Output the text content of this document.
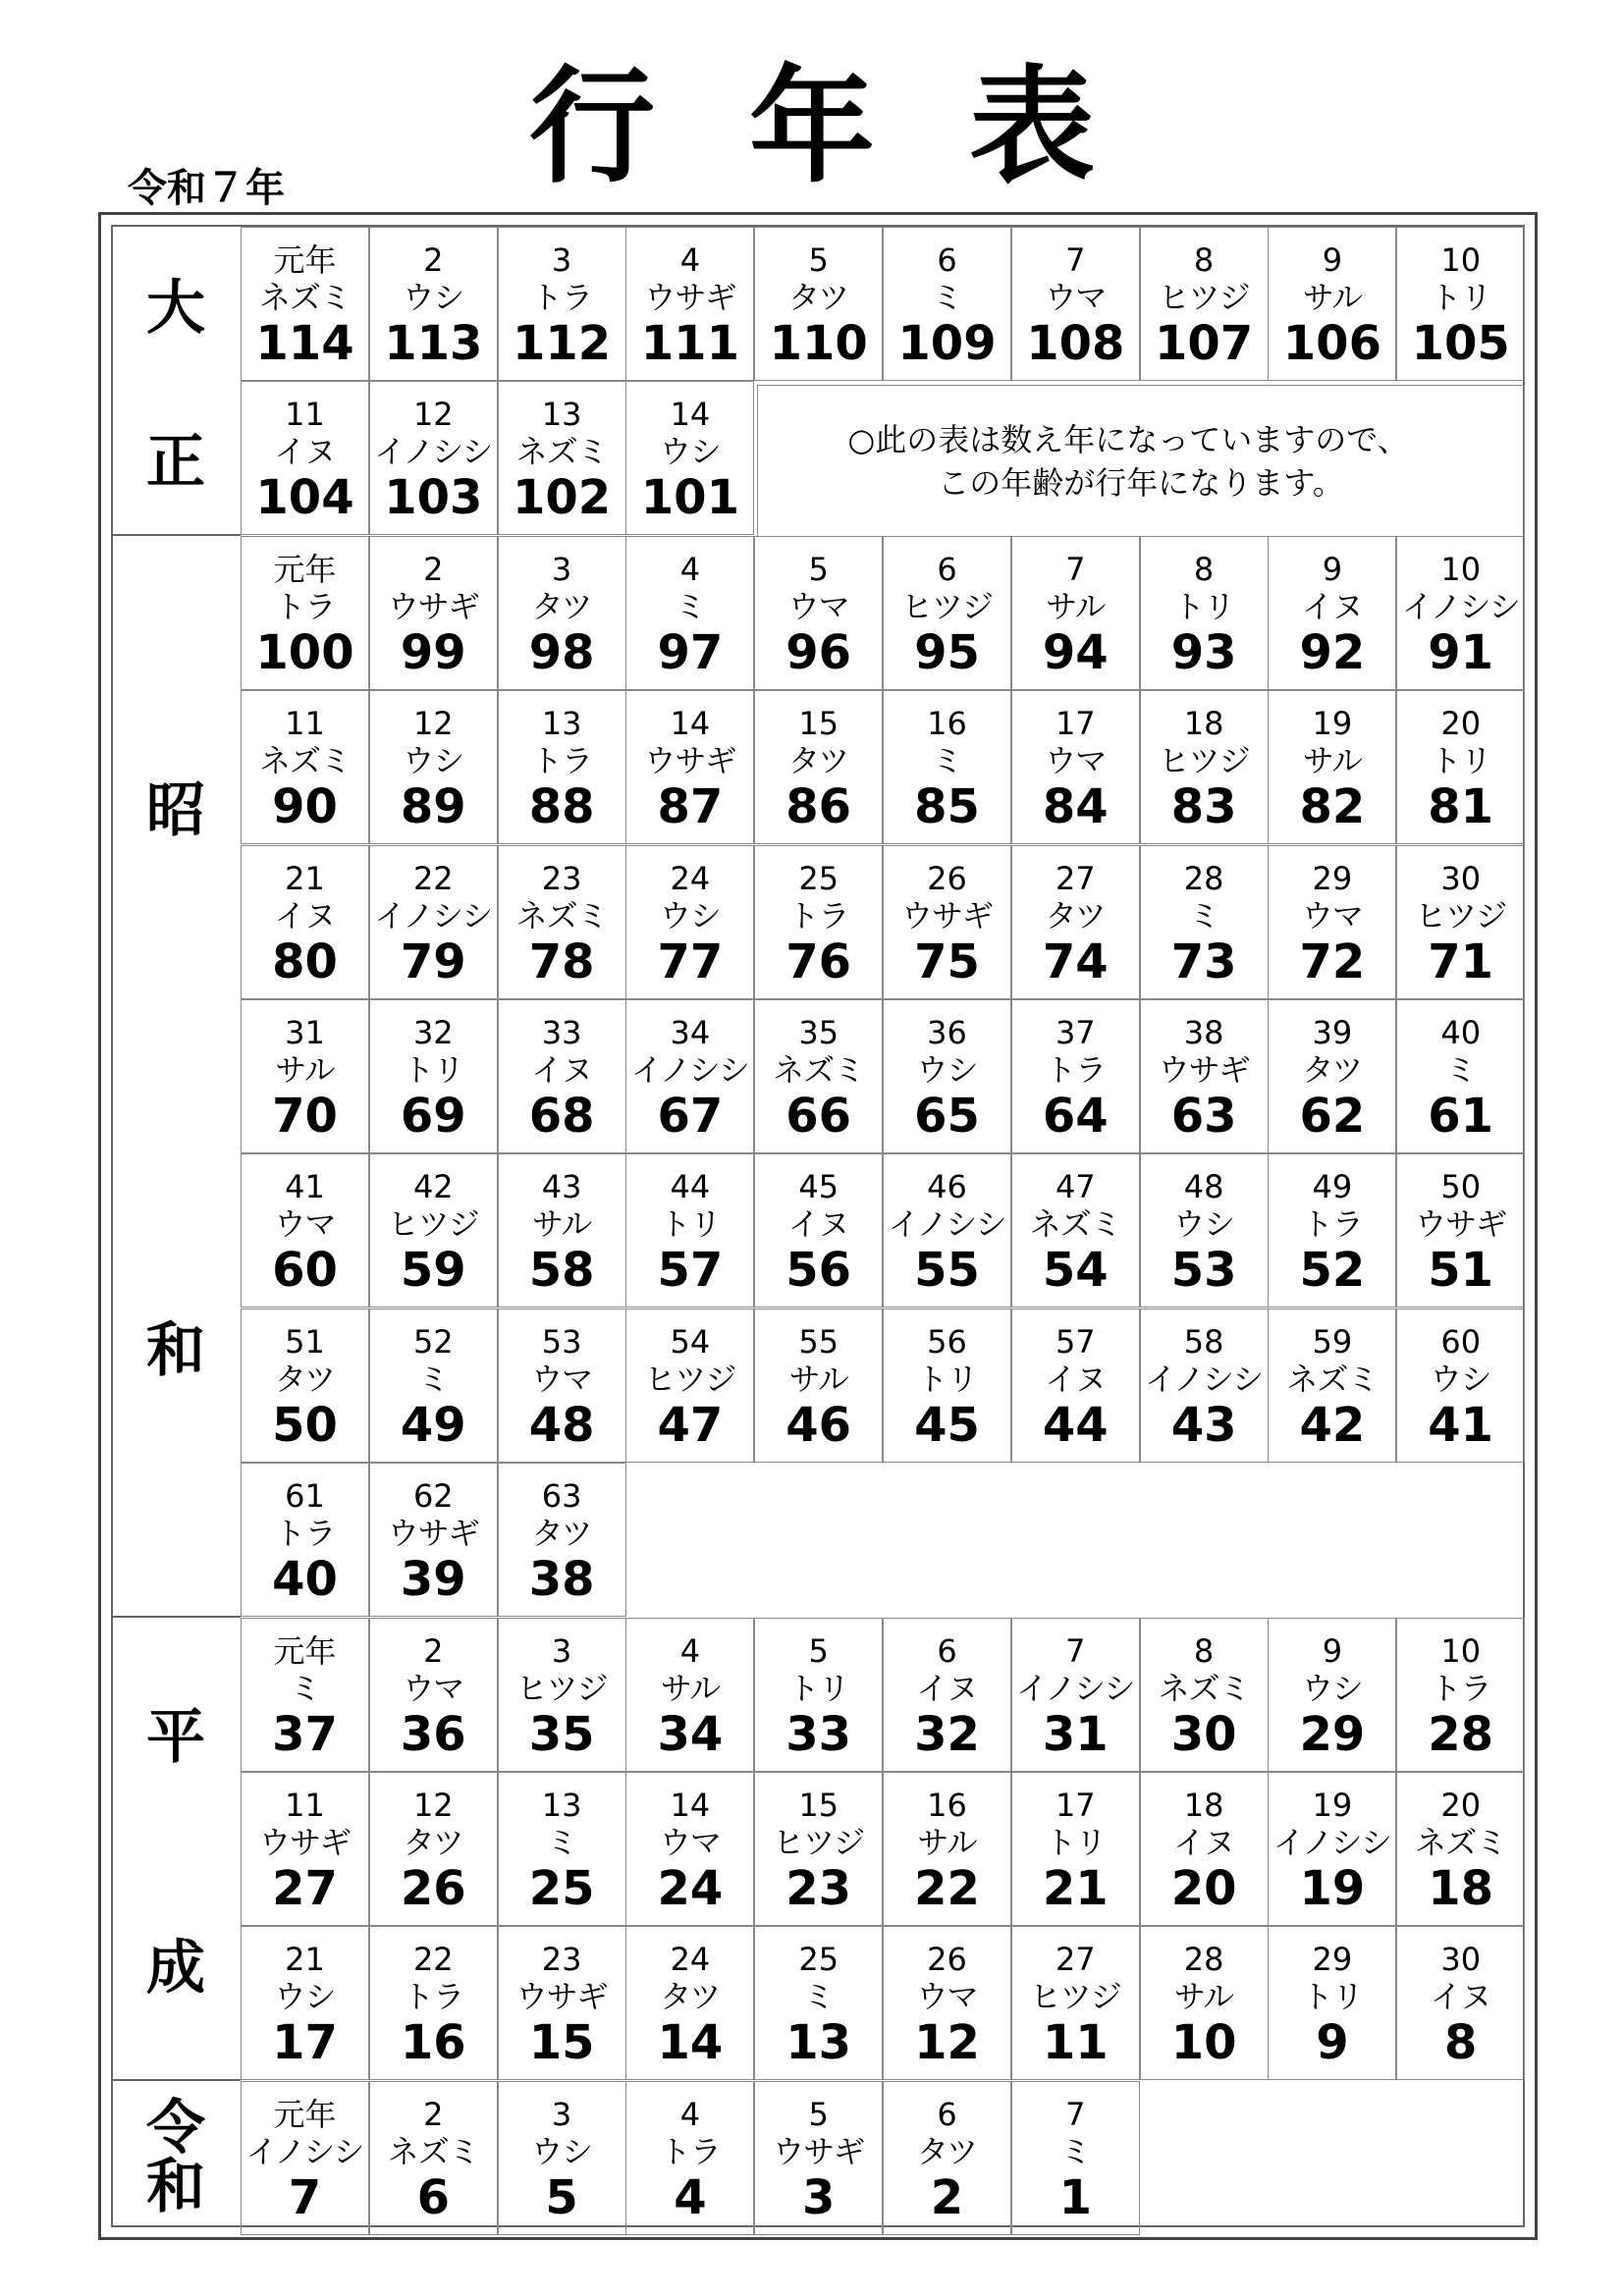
行 年 表
令和７年
○此の表は数え年になっていますので、
この年齢が行年になります。
大
正
元年
ネズミ
114
2
ウシ
113
3
トラ
112
4
ウサギ
111
5
タツ
110
6
ミ
109
7
ウマ
108
8
ヒツジ
107
9
サル
106
10
トリ
105
11
イヌ
104
12
イノシシ
103
13
ネズミ
102
14
ウシ
101
昭
和
元年
トラ
100
2
ウサギ
99
3
タツ
98
4
ミ
97
5
ウマ
96
6
ヒツジ
95
7
サル
94
8
トリ
93
9
イヌ
92
10
イノシシ
91
11
ネズミ
90
12
ウシ
89
13
トラ
88
14
ウサギ
87
15
タツ
86
16
ミ
85
17
ウマ
84
18
ヒツジ
83
19
サル
82
20
トリ
81
21
イヌ
80
22
イノシシ
79
23
ネズミ
78
24
ウシ
77
25
トラ
76
26
ウサギ
75
27
タツ
74
28
ミ
73
29
ウマ
72
30
ヒツジ
71
31
サル
70
32
トリ
69
33
イヌ
68
34
イノシシ
67
35
ネズミ
66
36
ウシ
65
37
トラ
64
38
ウサギ
63
39
タツ
62
40
ミ
61
41
ウマ
60
42
ヒツジ
59
43
サル
58
44
トリ
57
45
イヌ
56
46
イノシシ
55
47
ネズミ
54
48
ウシ
53
49
トラ
52
50
ウサギ
51
51
タツ
50
52
ミ
49
53
ウマ
48
54
ヒツジ
47
55
サル
46
56
トリ
45
57
イヌ
44
58
イノシシ
43
59
ネズミ
42
60
ウシ
41
61
トラ
40
62
ウサギ
39
63
タツ
38
平
成
元年
ミ
37
2
ウマ
36
3
ヒツジ
35
4
サル
34
5
トリ
33
6
イヌ
32
7
イノシシ
31
8
ネズミ
30
9
ウシ
29
10
トラ
28
11
ウサギ
27
12
タツ
26
13
ミ
25
14
ウマ
24
15
ヒツジ
23
16
サル
22
17
トリ
21
18
イヌ
20
19
イノシシ
19
20
ネズミ
18
21
ウシ
17
22
トラ
16
23
ウサギ
15
24
タツ
14
25
ミ
13
26
ウマ
12
27
ヒツジ
11
28
サル
10
29
トリ
9
30
イヌ
8
令
和
元年
イノシシ
7
2
ネズミ
6
3
ウシ
5
4
トラ
4
5
ウサギ
3
6
タツ
2
7
ミ
1
